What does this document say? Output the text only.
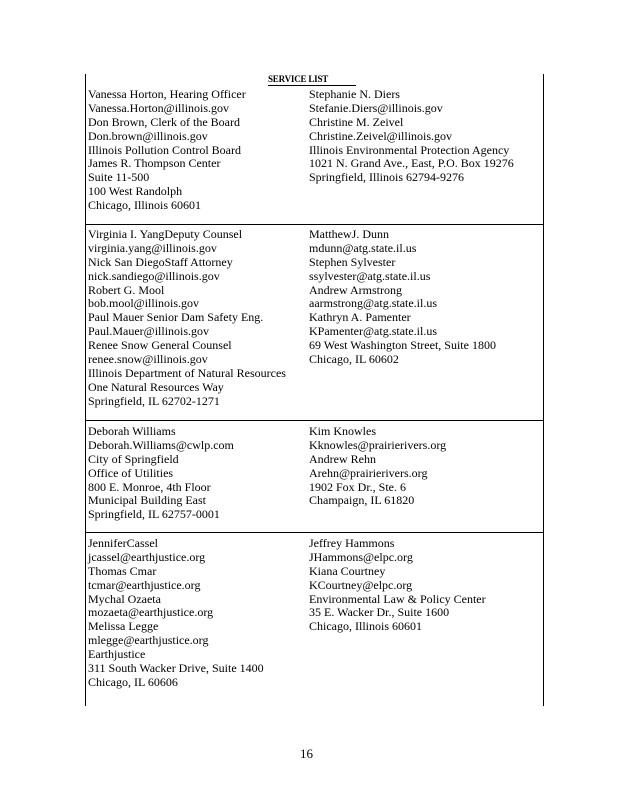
SERVICE LIST
Vanessa Horton, Hearing Officer
Vanessa.Horton@illinois.gov
Don Brown, Clerk of the Board
Don.brown@illinois.gov
Illinois Pollution Control Board
James R. Thompson Center
Suite 11-500
100 West Randolph
Chicago, Illinois 60601
Stephanie N. Diers
Stefanie.Diers@illinois.gov
Christine M. Zeivel
Christine.Zeivel@illinois.gov
Illinois Environmental Protection Agency
1021 N. Grand Ave., East, P.O. Box 19276
Springfield, Illinois 62794-9276
Virginia I. YangDeputy Counsel
virginia.yang@illinois.gov
Nick San DiegoStaff Attorney
nick.sandiego@illinois.gov
Robert G. Mool
bob.mool@illinois.gov
Paul Mauer Senior Dam Safety Eng.
Paul.Mauer@illinois.gov
Renee Snow General Counsel
renee.snow@illinois.gov
Illinois Department of Natural Resources
One Natural Resources Way
Springfield, IL 62702-1271
MatthewJ. Dunn
mdunn@atg.state.il.us
Stephen Sylvester
ssylvester@atg.state.il.us
Andrew Armstrong
aarmstrong@atg.state.il.us
Kathryn A. Pamenter
KPamenter@atg.state.il.us
69 West Washington Street, Suite 1800
Chicago, IL 60602
Deborah Williams
Deborah.Williams@cwlp.com
City of Springfield
Office of Utilities
800 E. Monroe, 4th Floor
Municipal Building East
Springfield, IL 62757-0001
Kim Knowles
Kknowles@prairierivers.org
Andrew Rehn
Arehn@prairierivers.org
1902 Fox Dr., Ste. 6
Champaign, IL 61820
JenniferCassel
jcassel@earthjustice.org
Thomas Cmar
tcmar@earthjustice.org
Mychal Ozaeta
mozaeta@earthjustice.org
Melissa Legge
mlegge@earthjustice.org
Earthjustice
311 South Wacker Drive, Suite 1400
Chicago, IL 60606
Jeffrey Hammons
JHammons@elpc.org
Kiana Courtney
KCourtney@elpc.org
Environmental Law & Policy Center
35 E. Wacker Dr., Suite 1600
Chicago, Illinois 60601
16
